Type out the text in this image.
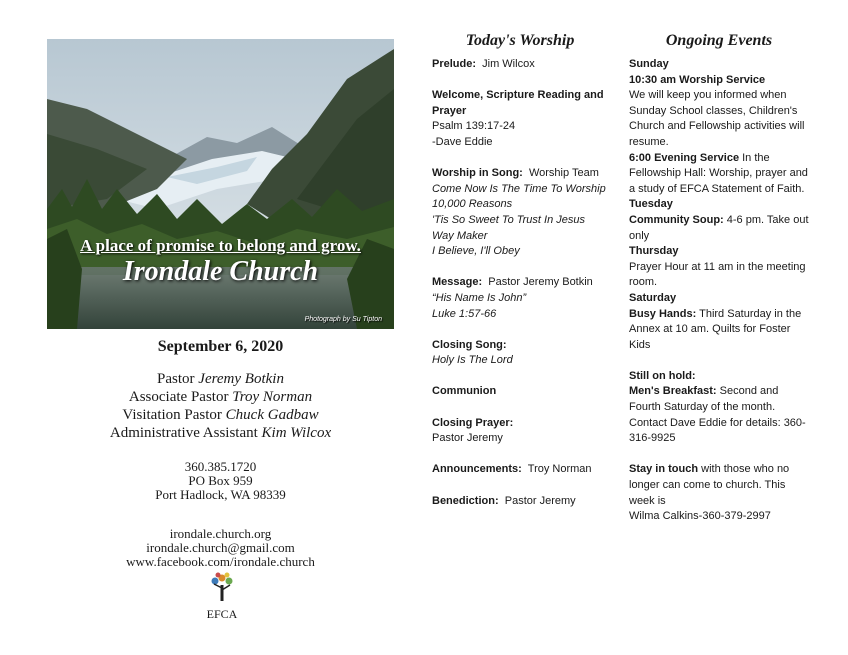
A place of promise to belong and grow.
Irondale Church
Photograph by Su Tipton
September 6, 2020
Pastor Jeremy Botkin
Associate Pastor Troy Norman
Visitation Pastor Chuck Gadbaw
Administrative Assistant Kim Wilcox
360.385.1720
PO Box 959
Port Hadlock, WA 98339
irondale.church.org
irondale.church@gmail.com
www.facebook.com/irondale.church
EFCA
Today's Worship
Prelude: Jim Wilcox
Welcome, Scripture Reading and Prayer
Psalm 139:17-24
-Dave Eddie
Worship in Song: Worship Team
Come Now Is The Time To Worship
10,000 Reasons
'Tis So Sweet To Trust In Jesus
Way Maker
I Believe, I'll Obey
Message: Pastor Jeremy Botkin
“His Name Is John”
Luke 1:57-66
Closing Song:
Holy Is The Lord
Communion
Closing Prayer:
Pastor Jeremy
Announcements: Troy Norman
Benediction: Pastor Jeremy
Ongoing Events
Sunday
10:30 am Worship Service
We will keep you informed when Sunday School classes, Children's Church and Fellowship activities will resume.
6:00 Evening Service In the Fellowship Hall: Worship, prayer and a study of EFCA Statement of Faith.
Tuesday
Community Soup: 4-6 pm. Take out only
Thursday
Prayer Hour at 11 am in the meeting room.
Saturday
Busy Hands: Third Saturday in the Annex at 10 am. Quilts for Foster Kids
Still on hold:
Men's Breakfast: Second and Fourth Saturday of the month. Contact Dave Eddie for details: 360-316-9925
Stay in touch with those who no longer can come to church. This week is
Wilma Calkins-360-379-2997
